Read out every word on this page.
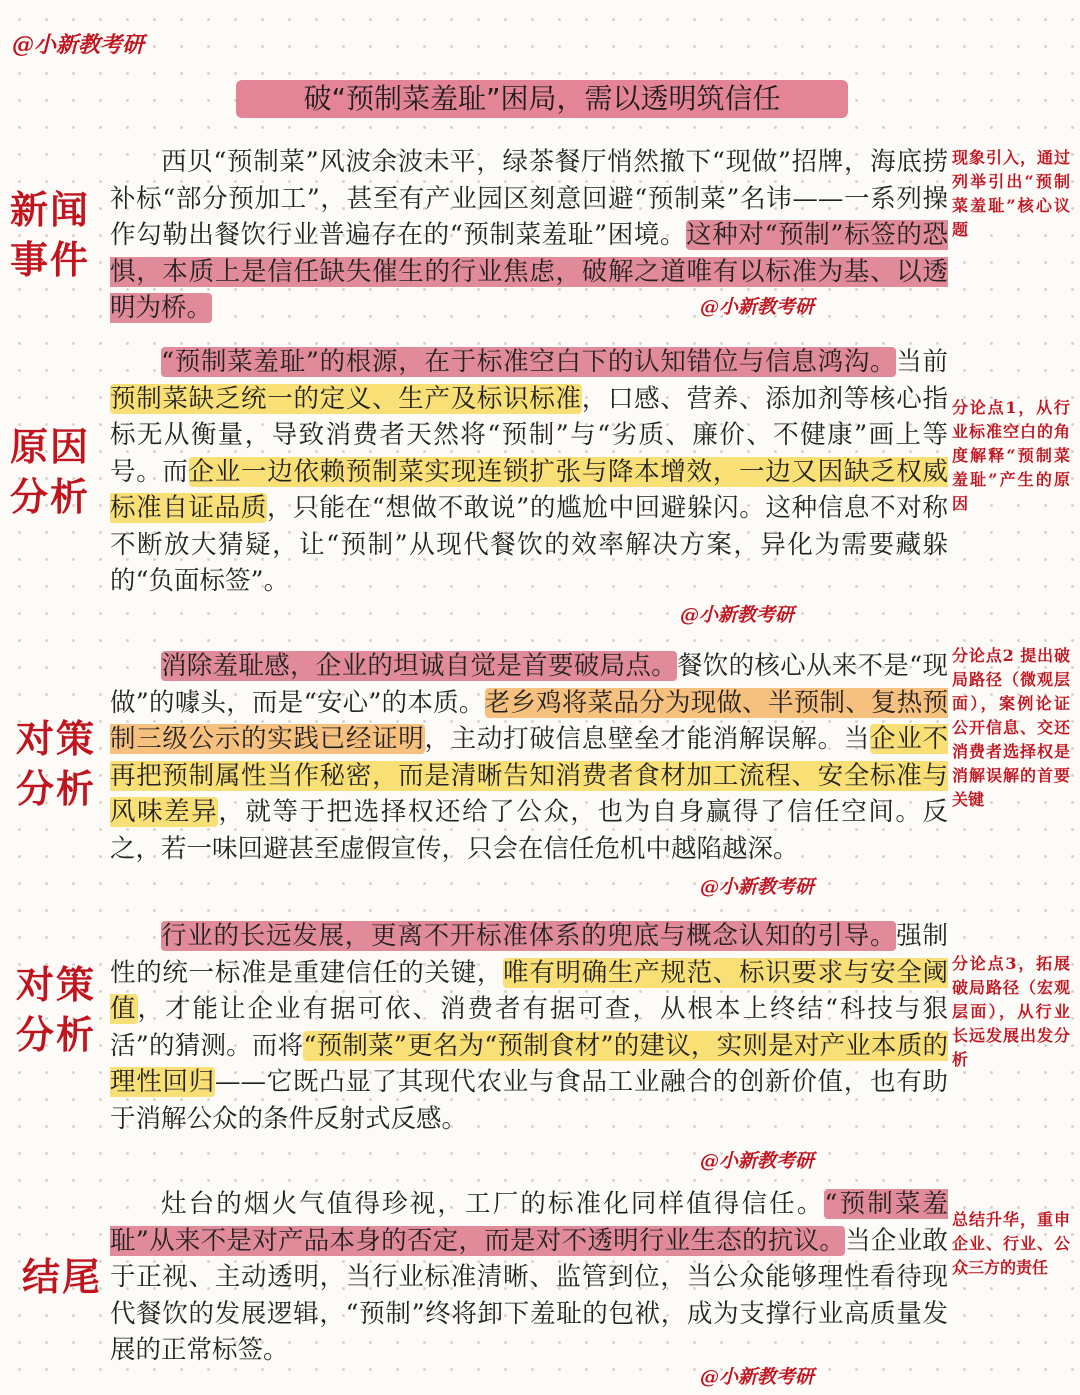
@小新教考研
破“预制菜羞耻”困局，需以透明筑信任
新闻
事件

西贝“预制菜”风波余波未平，绿茶餐厅悄然撤下“现做”招牌，海底捞补标“部分预加工”，甚至有产业园区刻意回避“预制菜”名讳——一系列操作勾勒出餐饮行业普遍存在的“预制菜羞耻”困境。这种对“预制”标签的恐惧，本质上是信任缺失催生的行业焦虑，破解之道唯有以标准为基、以透明为桥。

现象引入，通过列举引出“预制菜羞耻”核心议题
@小新教考研
原因
分析

“预制菜羞耻”的根源，在于标准空白下的认知错位与信息鸿沟。当前预制菜缺乏统一的定义、生产及标识标准，口感、营养、添加剂等核心指标无从衡量，导致消费者天然将“预制”与“劣质、廉价、不健康”画上等号。而企业一边依赖预制菜实现连锁扩张与降本增效，一边又因缺乏权威标准自证品质，只能在“想做不敢说”的尴尬中回避躲闪。这种信息不对称不断放大猜疑，让“预制”从现代餐饮的效率解决方案，异化为需要藏躲的“负面标签”。

分论点1，从行业标准空白的角度解释“预制菜羞耻”产生的原因
@小新教考研
对策
分析

消除羞耻感，企业的坦诚自觉是首要破局点。餐饮的核心从来不是“现做”的噱头，而是“安心”的本质。老乡鸡将菜品分为现做、半预制、复热预制三级公示的实践已经证明，主动打破信息壁垒才能消解误解。当企业不再把预制属性当作秘密，而是清晰告知消费者食材加工流程、安全标准与风味差异，就等于把选择权还给了公众，也为自身赢得了信任空间。反之，若一味回避甚至虚假宣传，只会在信任危机中越陷越深。

分论点2 提出破局路径（微观层面），案例论证公开信息、交还消费者选择权是消解误解的首要关键
@小新教考研
对策
分析

行业的长远发展，更离不开标准体系的兜底与概念认知的引导。强制性的统一标准是重建信任的关键，唯有明确生产规范、标识要求与安全阈值，才能让企业有据可依、消费者有据可查，从根本上终结“科技与狠活”的猜测。而将“预制菜”更名为“预制食材”的建议，实则是对产业本质的理性回归——它既凸显了其现代农业与食品工业融合的创新价值，也有助于消解公众的条件反射式反感。

分论点3，拓展破局路径（宏观层面），从行业长远发展出发分析
@小新教考研
结尾

灶台的烟火气值得珍视，工厂的标准化同样值得信任。“预制菜羞耻”从来不是对产品本身的否定，而是对不透明行业生态的抗议。当企业敢于正视、主动透明，当行业标准清晰、监管到位，当公众能够理性看待现代餐饮的发展逻辑，“预制”终将卸下羞耻的包袱，成为支撑行业高质量发展的正常标签。

总结升华，重申企业、行业、公众三方的责任
@小新教考研
